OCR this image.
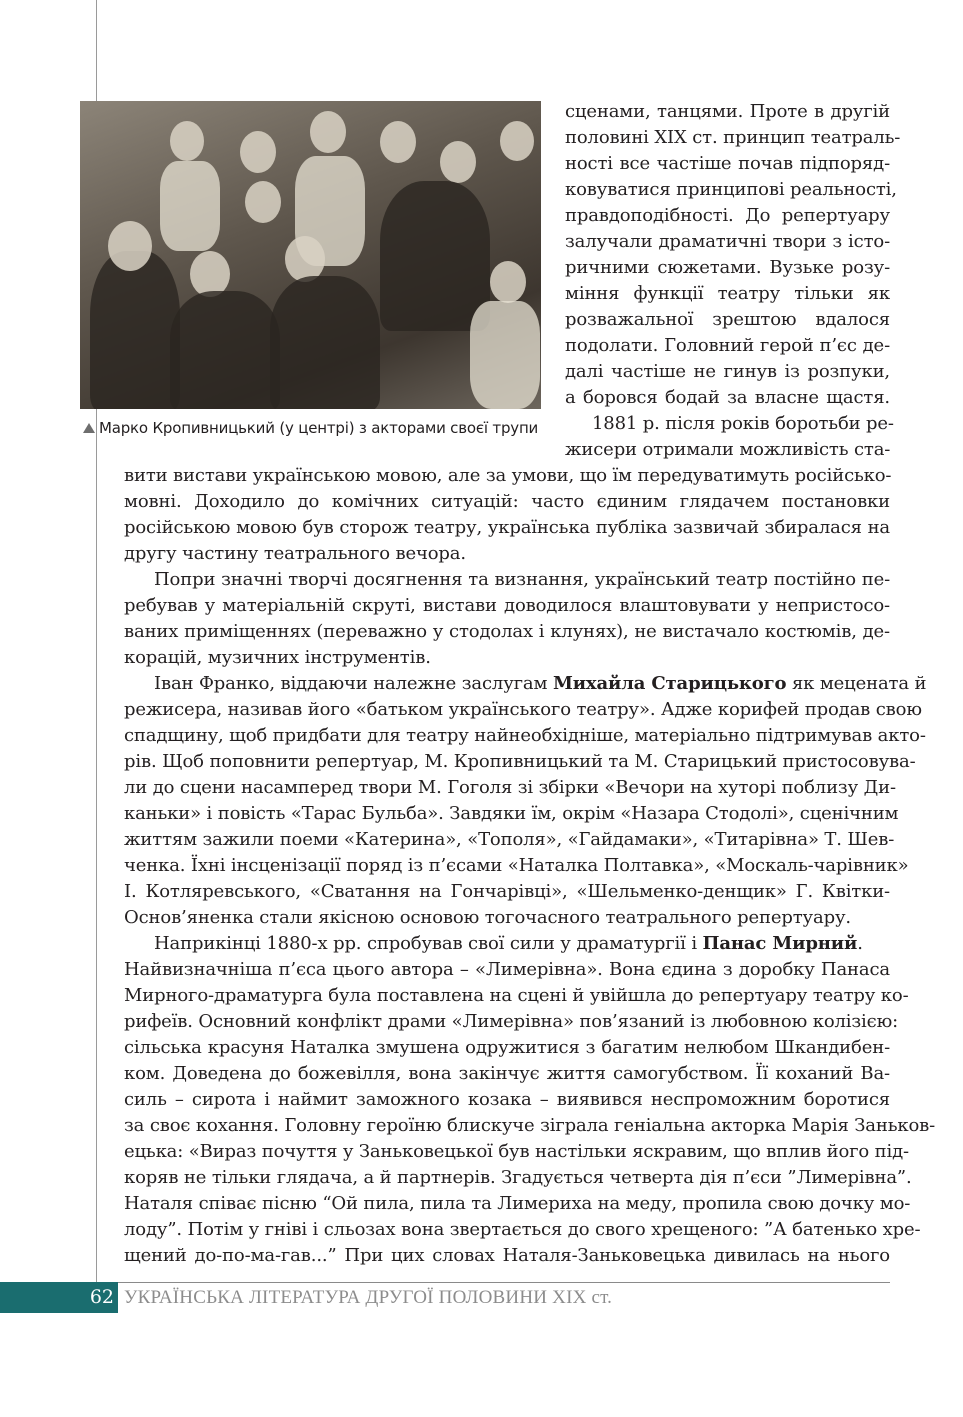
Марко Кропивницький (у центрі) з акторами своєї трупи
сценами, танцями. Проте в другій
половині XIX ст. принцип театраль-
ності все частіше почав підпоряд-
ковуватися принципові реальності,
правдоподібності. До репертуару
залучали драматичні твори з істо-
ричними сюжетами. Вузьке розу-
міння функції театру тільки як
розважальної зрештою вдалося
подолати. Головний герой п’єс де-
далі частіше не гинув із розпуки,
а боровся бодай за власне щастя.
1881 р. після років боротьби ре-
жисери отримали можливість ста-
вити вистави українською мовою, але за умови, що їм передуватимуть російсько-
мовні. Доходило до комічних ситуацій: часто єдиним глядачем постановки
російською мовою був сторож театру, українська публіка зазвичай збиралася на
другу частину театрального вечора.
Попри значні творчі досягнення та визнання, український театр постійно пе-
ребував у матеріальній скруті, вистави доводилося влаштовувати у непристосо-
ваних приміщеннях (переважно у стодолах і клунях), не вистачало костюмів, де-
корацій, музичних інструментів.
Іван Франко, віддаючи належне заслугам Михайла Старицького як мецената й
режисера, називав його «батьком українського театру». Адже корифей продав свою
спадщину, щоб придбати для театру найнеобхідніше, матеріально підтримував акто-
рів. Щоб поповнити репертуар, М. Кропивницький та М. Старицький пристосовува-
ли до сцени насамперед твори М. Гоголя зі збірки «Вечори на хуторі поблизу Ди-
каньки» і повість «Тарас Бульба». Завдяки їм, окрім «Назара Стодолі», сценічним
життям зажили поеми «Катерина», «Тополя», «Гайдамаки», «Титарівна» Т. Шев-
ченка. Їхні інсценізації поряд із п’єсами «Наталка Полтавка», «Москаль-чарівник»
І. Котляревського, «Сватання на Гончарівці», «Шельменко-денщик» Г. Квітки-
Основ’яненка стали якісною основою тогочасного театрального репертуару.
Наприкінці 1880-х рр. спробував свої сили у драматургії і Панас Мирний.
Найвизначніша п’єса цього автора – «Лимерівна». Вона єдина з доробку Панаса
Мирного-драматурга була поставлена на сцені й увійшла до репертуару театру ко-
рифеїв. Основний конфлікт драми «Лимерівна» пов’язаний із любовною колізією:
сільська красуня Наталка змушена одружитися з багатим нелюбом Шкандибен-
ком. Доведена до божевілля, вона закінчує життя самогубством. Її коханий Ва-
силь – сирота і наймит заможного козака – виявився неспроможним боротися
за своє кохання. Головну героїню блискуче зіграла геніальна акторка Марія Заньков-
ецька: «Вираз почуття у Заньковецької був настільки яскравим, що вплив його під-
коряв не тільки глядача, а й партнерів. Згадується четверта дія п’єси ”Лимерівна”.
Наталя співає пісню “Ой пила, пила та Лимериха на меду, пропила свою дочку мо-
лоду”. Потім у гніві і сльозах вона звертається до свого хрещеного: ”А батенько хре-
щений до-по-ма-гав...” При цих словах Наталя-Заньковецька дивилась на нього
62 УКРАЇНСЬКА ЛІТЕРАТУРА ДРУГОЇ ПОЛОВИНИ XIX ст.
